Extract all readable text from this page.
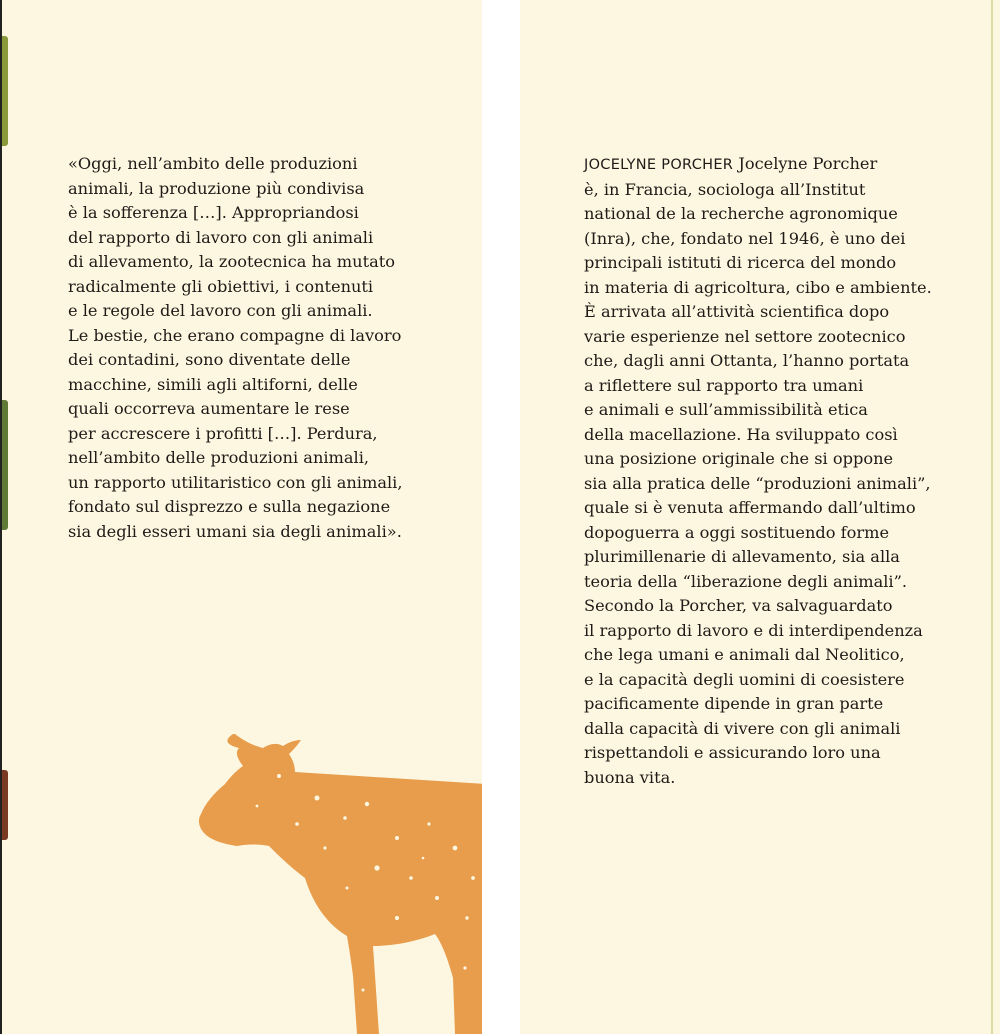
«Oggi, nell’ambito delle produzioni
animali, la produzione più condivisa
è la sofferenza […]. Appropriandosi
del rapporto di lavoro con gli animali
di allevamento, la zootecnica ha mutato
radicalmente gli obiettivi, i contenuti
e le regole del lavoro con gli animali.
Le bestie, che erano compagne di lavoro
dei contadini, sono diventate delle
macchine, simili agli altiforni, delle
quali occorreva aumentare le rese
per accrescere i profitti […]. Perdura,
nell’ambito delle produzioni animali,
un rapporto utilitaristico con gli animali,
fondato sul disprezzo e sulla negazione
sia degli esseri umani sia degli animali».

JOCELYNE PORCHER Jocelyne Porcher

è, in Francia, sociologa all’Institut
national de la recherche agronomique
(Inra), che, fondato nel 1946, è uno dei
principali istituti di ricerca del mondo
in materia di agricoltura, cibo e ambiente.
È arrivata all’attività scientifica dopo
varie esperienze nel settore zootecnico
che, dagli anni Ottanta, l’hanno portata
a riflettere sul rapporto tra umani
e animali e sull’ammissibilità etica
della macellazione. Ha sviluppato così
una posizione originale che si oppone
sia alla pratica delle “produzioni animali”,
quale si è venuta affermando dall’ultimo
dopoguerra a oggi sostituendo forme
plurimillenarie di allevamento, sia alla
teoria della “liberazione degli animali”.
Secondo la Porcher, va salvaguardato
il rapporto di lavoro e di interdipendenza
che lega umani e animali dal Neolitico,
e la capacità degli uomini di coesistere
pacificamente dipende in gran parte
dalla capacità di vivere con gli animali
rispettandoli e assicurando loro una
buona vita.
